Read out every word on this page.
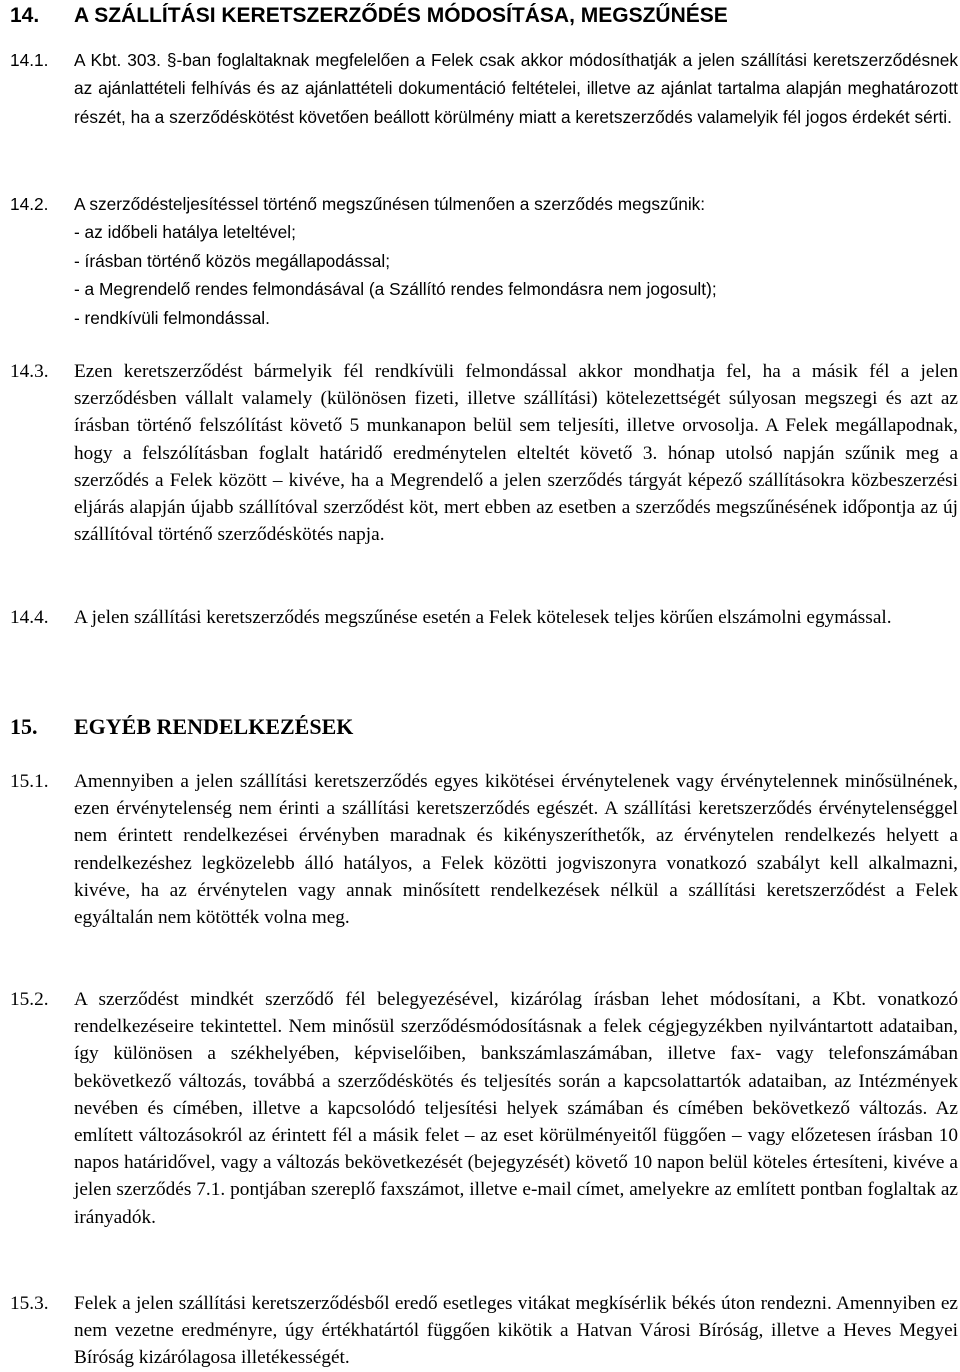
14.	A SZÁLLÍTÁSI KERETSZERZŐDÉS MÓDOSÍTÁSA, MEGSZŰNÉSE
14.1.	A Kbt. 303. §-ban foglaltaknak megfelelően a Felek csak akkor módosíthatják a jelen szállítási keretszerződésnek az ajánlattételi felhívás és az ajánlattételi dokumentáció feltételei, illetve az ajánlat tartalma alapján meghatározott részét, ha a szerződéskötést követően beállott körülmény miatt a keretszerződés valamelyik fél jogos érdekét sérti.
14.2.	A szerződésteljesítéssel történő megszűnésen túlmenően a szerződés megszűnik:
- az időbeli hatálya leteltével;
- írásban történő közös megállapodással;
- a Megrendelő rendes felmondásával (a Szállító rendes felmondásra nem jogosult);
- rendkívüli felmondással.
14.3.	Ezen keretszerződést bármelyik fél rendkívüli felmondással akkor mondhatja fel, ha a másik fél a jelen szerződésben vállalt valamely (különösen fizeti, illetve szállítási) kötelezettségét súlyosan megszegi és azt az írásban történő felszólítást követő 5 munkanapon belül sem teljesíti, illetve orvosolja. A Felek megállapodnak, hogy a felszólításban foglalt határidő eredménytelen elteltét követő 3. hónap utolsó napján szűnik meg a szerződés a Felek között – kivéve, ha a Megrendelő a jelen szerződés tárgyát képező szállításokra közbeszerzési eljárás alapján újabb szállítóval szerződést köt, mert ebben az esetben a szerződés megszűnésének időpontja az új szállítóval történő szerződéskötés napja.
14.4.	A jelen szállítási keretszerződés megszűnése esetén a Felek kötelesek teljes körűen elszámolni egymással.
15.	EGYÉB RENDELKEZÉSEK
15.1.	Amennyiben a jelen szállítási keretszerződés egyes kikötései érvénytelenek vagy érvénytelennek minősülnének, ezen érvénytelenség nem érinti a szállítási keretszerződés egészét. A szállítási keretszerződés érvénytelenséggel nem érintett rendelkezései érvényben maradnak és kikényszeríthetők, az érvénytelen rendelkezés helyett a rendelkezéshez legközelebb álló hatályos, a Felek közötti jogviszonyra vonatkozó szabályt kell alkalmazni, kivéve, ha az érvénytelen vagy annak minősített rendelkezések nélkül a szállítási keretszerződést a Felek egyáltalán nem kötötték volna meg.
15.2.	A szerződést mindkét szerződő fél belegyezésével, kizárólag írásban lehet módosítani, a Kbt. vonatkozó rendelkezéseire tekintettel. Nem minősül szerződésmódosításnak a felek cégjegyzékben nyilvántartott adataiban, így különösen a székhelyében, képviselőiben, bankszámlaszámában, illetve fax- vagy telefonszámában bekövetkező változás, továbbá a szerződéskötés és teljesítés során a kapcsolattartók adataiban, az Intézmények nevében és címében, illetve a kapcsolódó teljesítési helyek számában és címében bekövetkező változás. Az említett változásokról az érintett fél a másik felet – az eset körülményeitől függően – vagy előzetesen írásban 10 napos határidővel, vagy a változás bekövetkezését (bejegyzését) követő 10 napon belül köteles értesíteni, kivéve a jelen szerződés 7.1. pontjában szereplő faxszámot, illetve e-mail címet, amelyekre az említett pontban foglaltak az irányadók.
15.3.	Felek a jelen szállítási keretszerződésből eredő esetleges vitákat megkísérlik békés úton rendezni. Amennyiben ez nem vezetne eredményre, úgy értékhatártól függően kikötik a Hatvan Városi Bíróság, illetve a Heves Megyei Bíróság kizárólagosa illetékességét.
